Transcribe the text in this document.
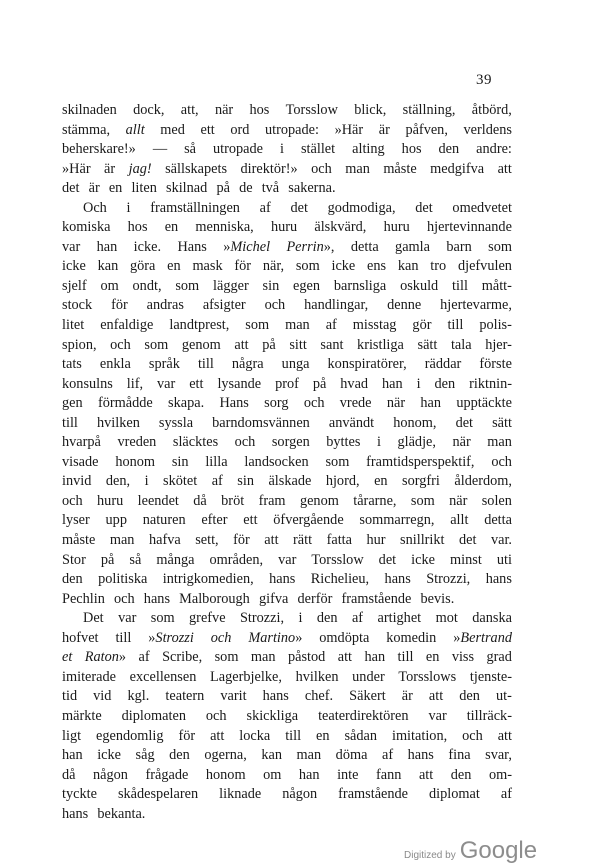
39
skilnaden dock, att, när hos Torsslow blick, ställning, åtbörd,
stämma, allt med ett ord utropade: »Här är påfven, verldens
beherskare!» — så utropade i stället alting hos den andre:
»Här är jag! sällskapets direktör!» och man måste medgifva att
det är en liten skilnad på de två sakerna.
Och i framställningen af det godmodiga, det omedvetet
komiska hos en menniska, huru älskvärd, huru hjertevinnande
var han icke. Hans »Michel Perrin», detta gamla barn som
icke kan göra en mask för när, som icke ens kan tro djefvulen
sjelf om ondt, som lägger sin egen barnsliga oskuld till mått-
stock för andras afsigter och handlingar, denne hjertevarme,
litet enfaldige landtprest, som man af misstag gör till polis-
spion, och som genom att på sitt sant kristliga sätt tala hjer-
tats enkla språk till några unga konspiratörer, räddar förste
konsulns lif, var ett lysande prof på hvad han i den riktnin-
gen förmådde skapa. Hans sorg och vrede när han upptäckte
till hvilken syssla barndomsvännen användt honom, det sätt
hvarpå vreden släcktes och sorgen byttes i glädje, när man
visade honom sin lilla landsocken som framtidsperspektif, och
invid den, i skötet af sin älskade hjord, en sorgfri ålderdom,
och huru leendet då bröt fram genom tårarne, som när solen
lyser upp naturen efter ett öfvergående sommarregn, allt detta
måste man hafva sett, för att rätt fatta hur snillrikt det var.
Stor på så många områden, var Torsslow det icke minst uti
den politiska intrigkomedien, hans Richelieu, hans Strozzi, hans
Pechlin och hans Malborough gifva derför framstående bevis.
Det var som grefve Strozzi, i den af artighet mot danska
hofvet till »Strozzi och Martino» omdöpta komedin »Bertrand
et Raton» af Scribe, som man påstod att han till en viss grad
imiterade excellensen Lagerbjelke, hvilken under Torsslows tjenste-
tid vid kgl. teatern varit hans chef. Säkert är att den ut-
märkte diplomaten och skickliga teaterdirektören var tillräck-
ligt egendomlig för att locka till en sådan imitation, och att
han icke såg den ogerna, kan man döma af hans fina svar,
då någon frågade honom om han inte fann att den om-
tyckte skådespelaren liknade någon framstående diplomat af
hans bekanta.
Digitized by Google
